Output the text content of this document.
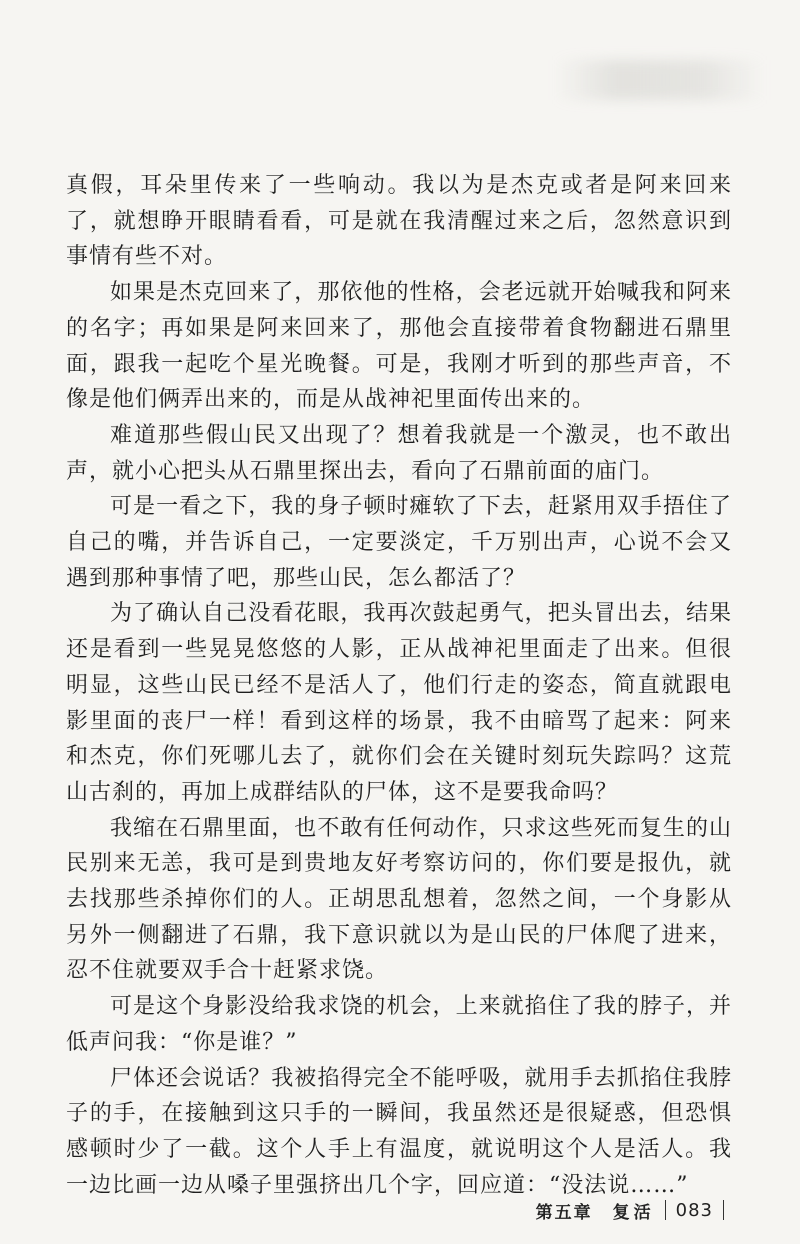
真假，耳朵里传来了一些响动。我以为是杰克或者是阿来回来了，就想睁开眼睛看看，可是就在我清醒过来之后，忽然意识到事情有些不对。

如果是杰克回来了，那依他的性格，会老远就开始喊我和阿来的名字；再如果是阿来回来了，那他会直接带着食物翻进石鼎里面，跟我一起吃个星光晚餐。可是，我刚才听到的那些声音，不像是他们俩弄出来的，而是从战神祀里面传出来的。

难道那些假山民又出现了？想着我就是一个激灵，也不敢出声，就小心把头从石鼎里探出去，看向了石鼎前面的庙门。

可是一看之下，我的身子顿时瘫软了下去，赶紧用双手捂住了自己的嘴，并告诉自己，一定要淡定，千万别出声，心说不会又遇到那种事情了吧，那些山民，怎么都活了？

为了确认自己没看花眼，我再次鼓起勇气，把头冒出去，结果还是看到一些晃晃悠悠的人影，正从战神祀里面走了出来。但很明显，这些山民已经不是活人了，他们行走的姿态，简直就跟电影里面的丧尸一样！看到这样的场景，我不由暗骂了起来：阿来和杰克，你们死哪儿去了，就你们会在关键时刻玩失踪吗？这荒山古刹的，再加上成群结队的尸体，这不是要我命吗？

我缩在石鼎里面，也不敢有任何动作，只求这些死而复生的山民别来无恙，我可是到贵地友好考察访问的，你们要是报仇，就去找那些杀掉你们的人。正胡思乱想着，忽然之间，一个身影从另外一侧翻进了石鼎，我下意识就以为是山民的尸体爬了进来，忍不住就要双手合十赶紧求饶。

可是这个身影没给我求饶的机会，上来就掐住了我的脖子，并低声问我：“你是谁？”

尸体还会说话？我被掐得完全不能呼吸，就用手去抓掐住我脖子的手，在接触到这只手的一瞬间，我虽然还是很疑惑，但恐惧感顿时少了一截。这个人手上有温度，就说明这个人是活人。我一边比画一边从嗓子里强挤出几个字，回应道：“没法说……”

第五章 复活 083
